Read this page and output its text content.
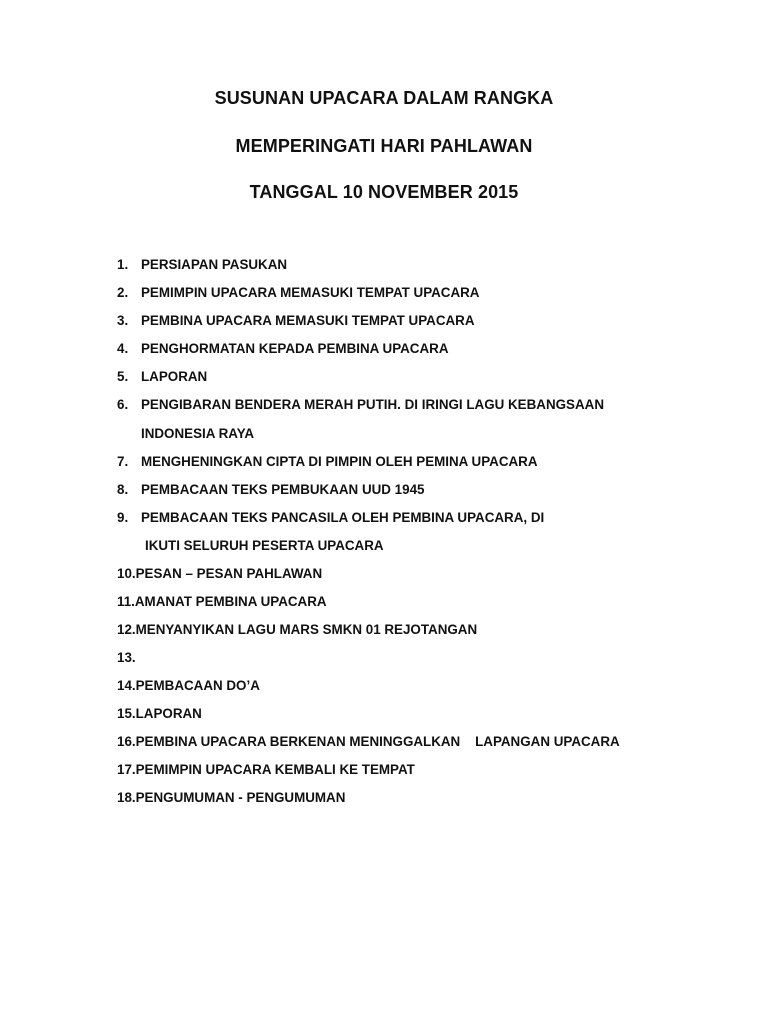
SUSUNAN UPACARA DALAM RANGKA
MEMPERINGATI HARI PAHLAWAN
TANGGAL 10 NOVEMBER 2015
1. PERSIAPAN PASUKAN
2. PEMIMPIN UPACARA MEMASUKI TEMPAT UPACARA
3. PEMBINA UPACARA MEMASUKI TEMPAT UPACARA
4. PENGHORMATAN KEPADA PEMBINA UPACARA
5. LAPORAN
6. PENGIBARAN BENDERA MERAH PUTIH. DI IRINGI LAGU KEBANGSAAN
INDONESIA RAYA
7. MENGHENINGKAN CIPTA DI PIMPIN OLEH PEMINA UPACARA
8. PEMBACAAN TEKS PEMBUKAAN UUD 1945
9. PEMBACAAN TEKS PANCASILA OLEH PEMBINA UPACARA, DI
IKUTI SELURUH PESERTA UPACARA
10.PESAN – PESAN PAHLAWAN
11.AMANAT PEMBINA UPACARA
12.MENYANYIKAN LAGU MARS SMKN 01 REJOTANGAN
13.
14.PEMBACAAN DO’A
15.LAPORAN
16.PEMBINA UPACARA BERKENAN MENINGGALKAN    LAPANGAN UPACARA
17.PEMIMPIN UPACARA KEMBALI KE TEMPAT
18.PENGUMUMAN - PENGUMUMAN
